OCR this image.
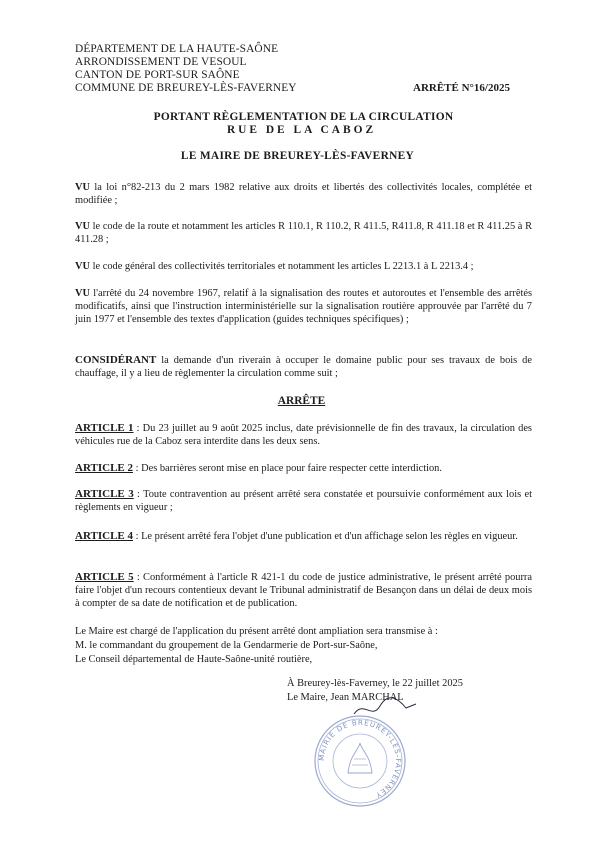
DÉPARTEMENT DE LA HAUTE-SAÔNE
ARRONDISSEMENT DE VESOUL
CANTON DE PORT-SUR SAÔNE
COMMUNE DE BREUREY-LÈS-FAVERNEY	ARRÊTÉ N°16/2025
PORTANT RÈGLEMENTATION DE LA CIRCULATION
RUE DE LA CABOZ
LE MAIRE DE BREUREY-LÈS-FAVERNEY
VU la loi n°82-213 du 2 mars 1982 relative aux droits et libertés des collectivités locales, complétée et modifiée ;
VU le code de la route et notamment les articles R 110.1, R 110.2, R 411.5, R411.8, R 411.18 et R 411.25 à R 411.28 ;
VU le code général des collectivités territoriales et notamment les articles L 2213.1 à L 2213.4 ;
VU l'arrêté du 24 novembre 1967, relatif à la signalisation des routes et autoroutes et l'ensemble des arrêtés modificatifs, ainsi que l'instruction interministérielle sur la signalisation routière approuvée par l'arrêté du 7 juin 1977 et l'ensemble des textes d'application (guides techniques spécifiques) ;
CONSIDÉRANT la demande d'un riverain à occuper le domaine public pour ses travaux de bois de chauffage, il y a lieu de règlementer la circulation comme suit ;
ARRÊTE
ARTICLE 1 : Du 23 juillet au 9 août 2025 inclus, date prévisionnelle de fin des travaux, la circulation des véhicules rue de la Caboz sera interdite dans les deux sens.
ARTICLE 2 : Des barrières seront mise en place pour faire respecter cette interdiction.
ARTICLE 3 : Toute contravention au présent arrêté sera constatée et poursuivie conformément aux lois et règlements en vigueur ;
ARTICLE 4 : Le présent arrêté fera l'objet d'une publication et d'un affichage selon les règles en vigueur.
ARTICLE 5 : Conformément à l'article R 421-1 du code de justice administrative, le présent arrêté pourra faire l'objet d'un recours contentieux devant le Tribunal administratif de Besançon dans un délai de deux mois à compter de sa date de notification et de publication.
Le Maire est chargé de l'application du présent arrêté dont ampliation sera transmise à :
M. le commandant du groupement de la Gendarmerie de Port-sur-Saône,
Le Conseil départemental de Haute-Saône-unité routière,
À Breurey-lès-Faverney, le 22 juillet 2025
Le Maire, Jean MARCHAL
MAIRIE DE BREUREY-LES-FAVERNEY
